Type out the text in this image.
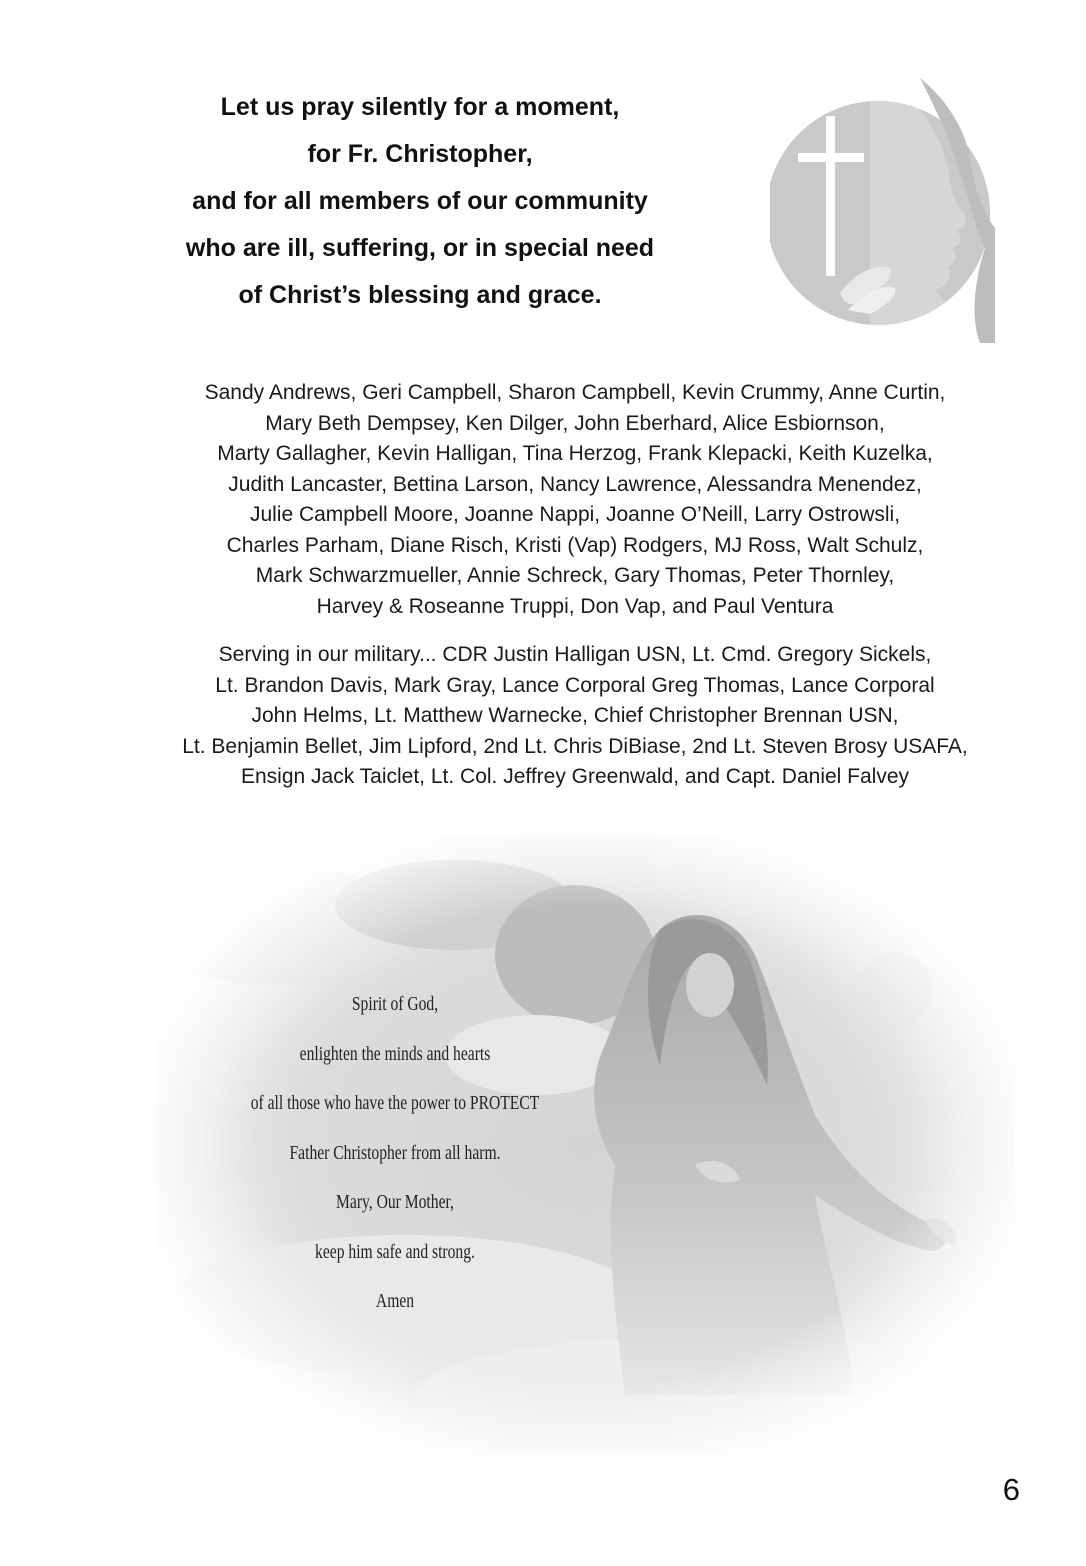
Let us pray silently for a moment,
for Fr. Christopher,
and for all members of our community
who are ill, suffering, or in special need
of Christ’s blessing and grace.
Sandy Andrews, Geri Campbell, Sharon Campbell, Kevin Crummy, Anne Curtin,
Mary Beth Dempsey, Ken Dilger, John Eberhard, Alice Esbiornson,
Marty Gallagher, Kevin Halligan, Tina Herzog, Frank Klepacki, Keith Kuzelka,
Judith Lancaster, Bettina Larson, Nancy Lawrence, Alessandra Menendez,
Julie Campbell Moore, Joanne Nappi, Joanne O’Neill, Larry Ostrowsli,
Charles Parham, Diane Risch, Kristi (Vap) Rodgers, MJ Ross, Walt Schulz,
Mark Schwarzmueller, Annie Schreck, Gary Thomas, Peter Thornley,
Harvey & Roseanne Truppi, Don Vap, and Paul Ventura
Serving in our military... CDR Justin Halligan USN, Lt. Cmd. Gregory Sickels,
Lt. Brandon Davis, Mark Gray, Lance Corporal Greg Thomas, Lance Corporal
John Helms, Lt. Matthew Warnecke, Chief Christopher Brennan USN,
Lt. Benjamin Bellet, Jim Lipford, 2nd Lt. Chris DiBiase, 2nd Lt. Steven Brosy USAFA,
Ensign Jack Taiclet, Lt. Col. Jeffrey Greenwald, and Capt. Daniel Falvey
Spirit of God,
enlighten the minds and hearts
of all those who have the power to PROTECT
Father Christopher from all harm.
Mary, Our Mother,
keep him safe and strong.
Amen
6
